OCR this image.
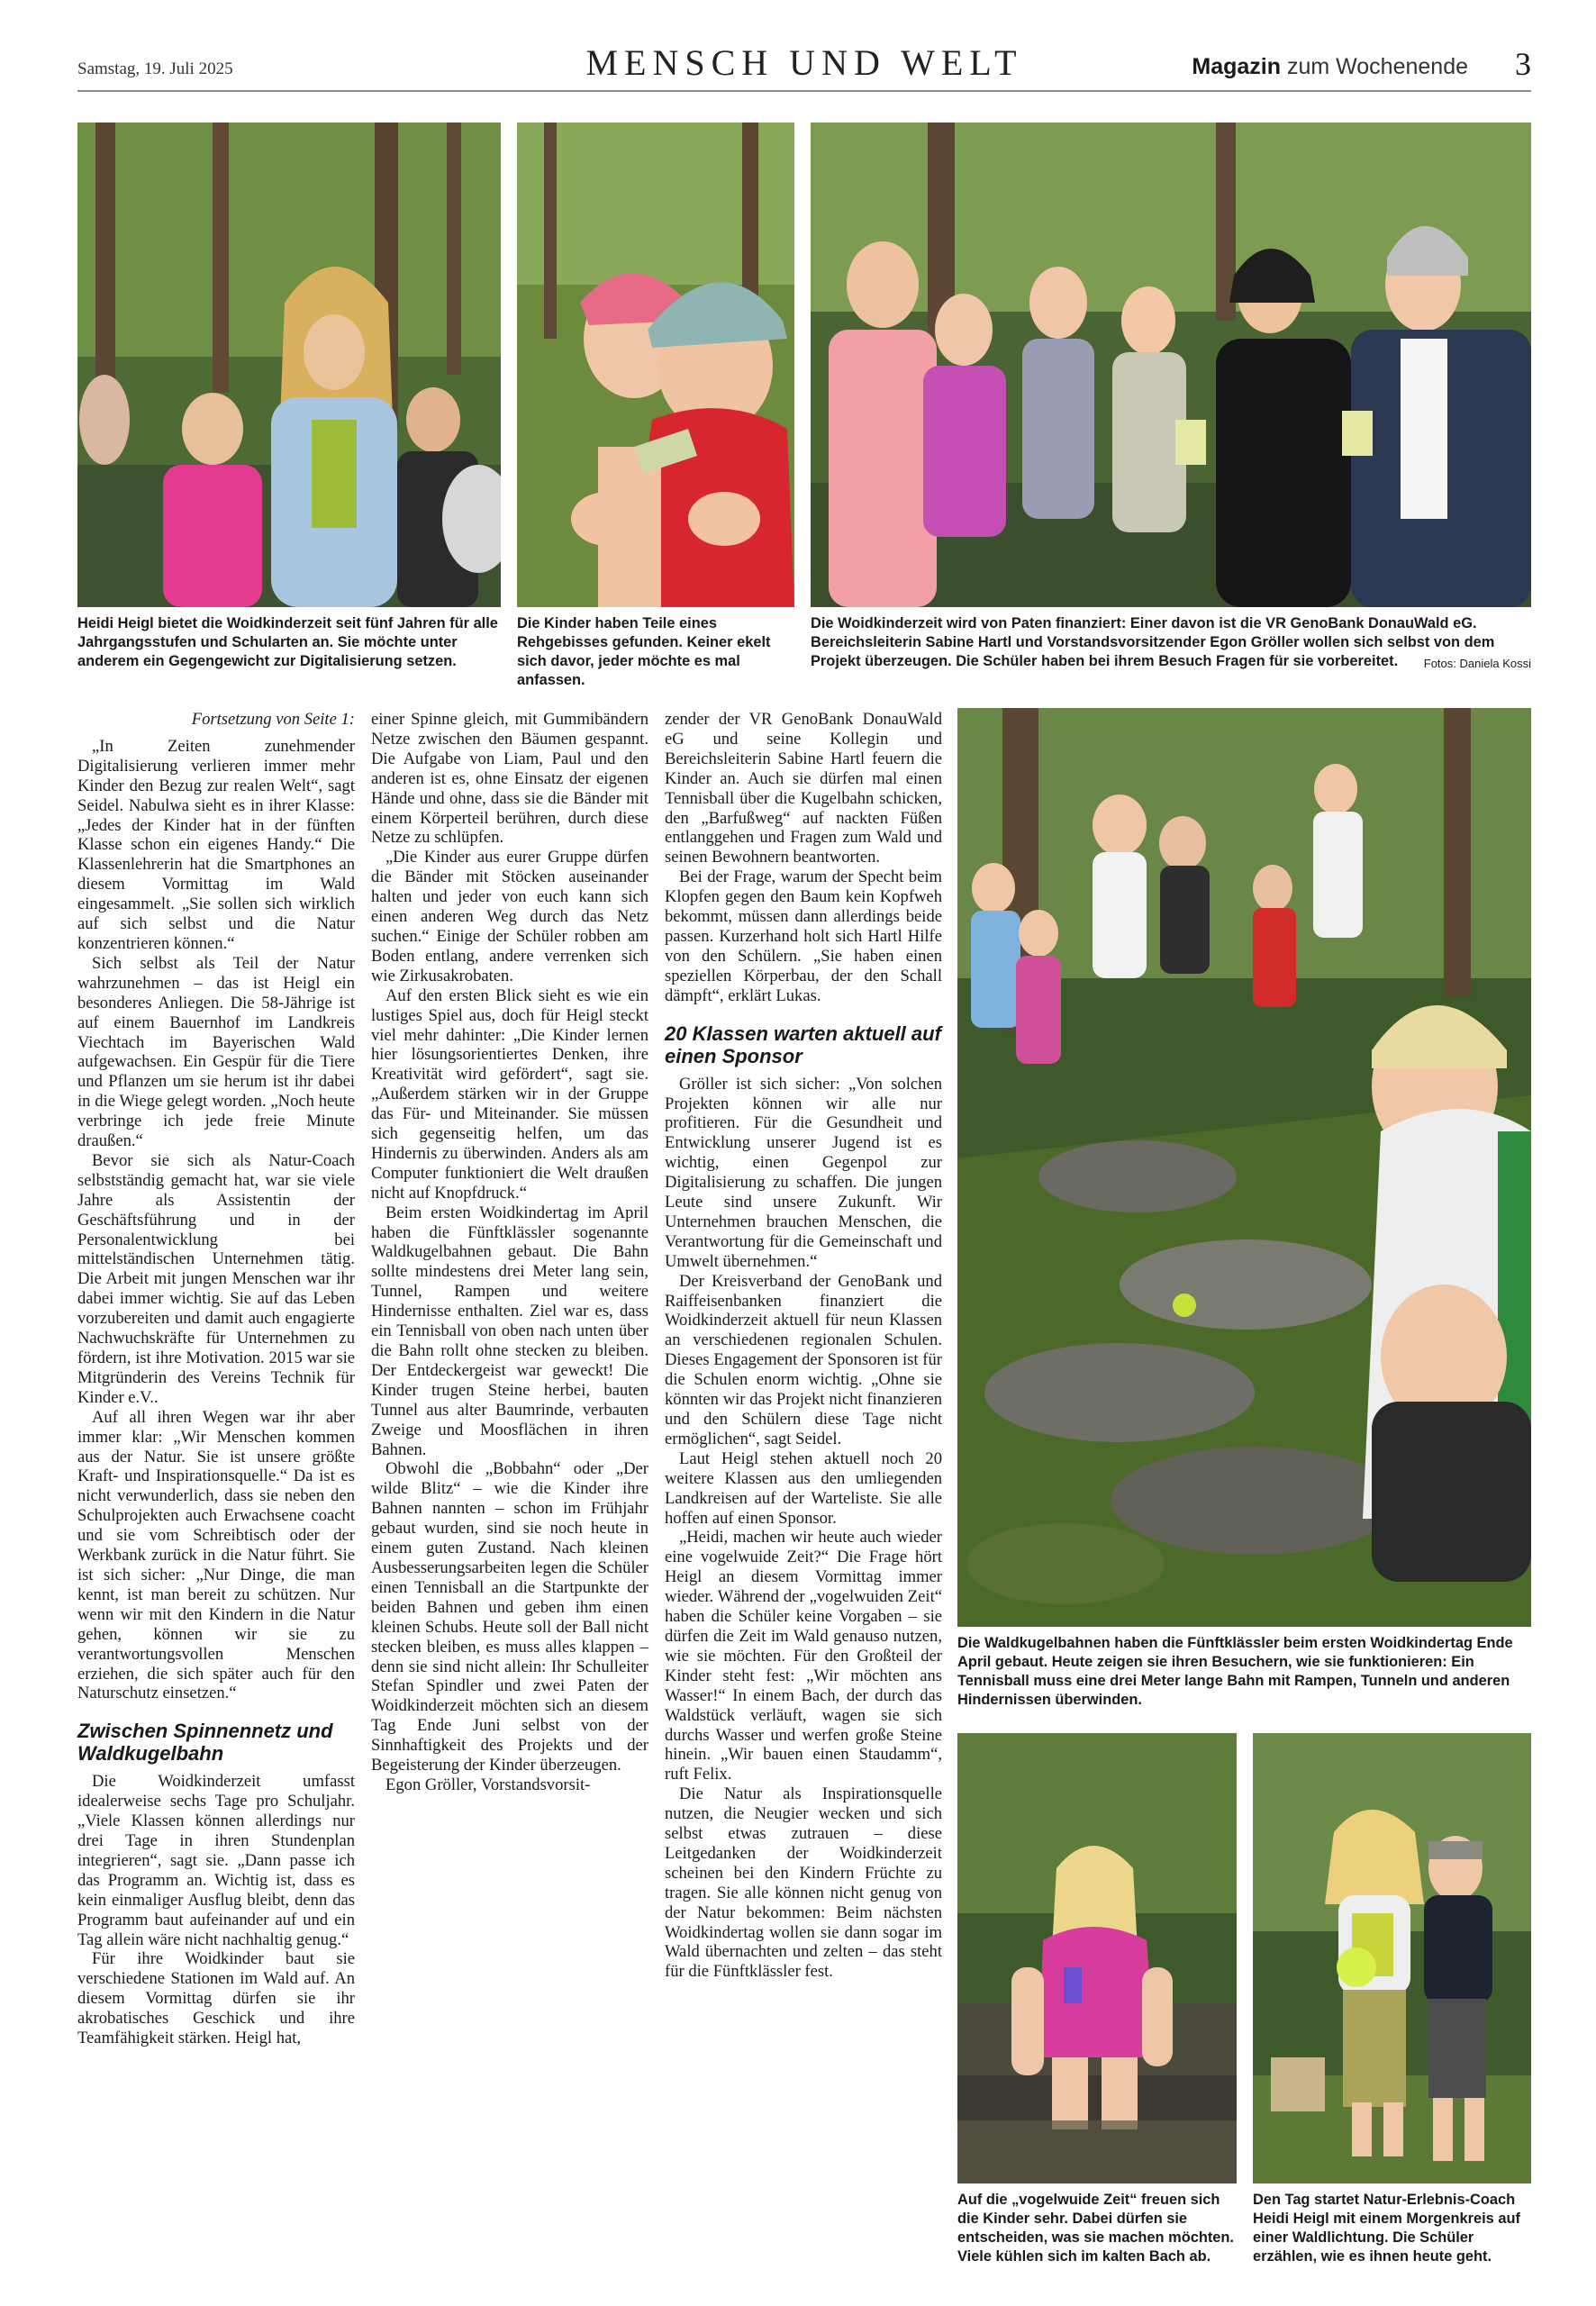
Samstag, 19. Juli 2025	MENSCH UND WELT	Magazin zum Wochenende 3
Heidi Heigl bietet die Woidkinderzeit seit fünf Jahren für alle Jahrgangsstufen und Schularten an. Sie möchte unter anderem ein Gegengewicht zur Digitalisierung setzen.
Die Kinder haben Teile eines Rehgebisses gefunden. Keiner ekelt sich davor, jeder möchte es mal anfassen.
Die Woidkinderzeit wird von Paten finanziert: Einer davon ist die VR GenoBank DonauWald eG. Bereichsleiterin Sabine Hartl und Vorstandsvorsitzender Egon Gröller wollen sich selbst von dem Projekt überzeugen. Die Schüler haben bei ihrem Besuch Fragen für sie vorbereitet. Fotos: Daniela Kossi
Die Waldkugelbahnen haben die Fünftklässler beim ersten Woidkindertag Ende April gebaut. Heute zeigen sie ihren Besuchern, wie sie funktionieren: Ein Tennisball muss eine drei Meter lange Bahn mit Rampen, Tunneln und anderen Hindernissen überwinden.
Auf die „vogelwuide Zeit“ freuen sich die Kinder sehr. Dabei dürfen sie entscheiden, was sie machen möchten. Viele kühlen sich im kalten Bach ab.
Den Tag startet Natur-Erlebnis-Coach Heidi Heigl mit einem Morgenkreis auf einer Waldlichtung. Die Schüler erzählen, wie es ihnen heute geht.

Fortsetzung von Seite 1:

„In Zeiten zunehmender Digitalisierung verlieren immer mehr Kinder den Bezug zur realen Welt“, sagt Seidel. Nabulwa sieht es in ihrer Klasse: „Jedes der Kinder hat in der fünften Klasse schon ein eigenes Handy.“ Die Klassenlehrerin hat die Smartphones an diesem Vormittag im Wald eingesammelt. „Sie sollen sich wirklich auf sich selbst und die Natur konzentrieren können.“

Sich selbst als Teil der Natur wahrzunehmen – das ist Heigl ein besonderes Anliegen. Die 58-Jährige ist auf einem Bauernhof im Landkreis Viechtach im Bayerischen Wald aufgewachsen. Ein Gespür für die Tiere und Pflanzen um sie herum ist ihr dabei in die Wiege gelegt worden. „Noch heute verbringe ich jede freie Minute draußen.“

Bevor sie sich als Natur-Coach selbstständig gemacht hat, war sie viele Jahre als Assistentin der Geschäftsführung und in der Personalentwicklung bei mittelständischen Unternehmen tätig. Die Arbeit mit jungen Menschen war ihr dabei immer wichtig. Sie auf das Leben vorzubereiten und damit auch engagierte Nachwuchskräfte für Unternehmen zu fördern, ist ihre Motivation. 2015 war sie Mitgründerin des Vereins Technik für Kinder e.V..

Auf all ihren Wegen war ihr aber immer klar: „Wir Menschen kommen aus der Natur. Sie ist unsere größte Kraft- und Inspirationsquelle.“ Da ist es nicht verwunderlich, dass sie neben den Schulprojekten auch Erwachsene coacht und sie vom Schreibtisch oder der Werkbank zurück in die Natur führt. Sie ist sich sicher: „Nur Dinge, die man kennt, ist man bereit zu schützen. Nur wenn wir mit den Kindern in die Natur gehen, können wir sie zu verantwortungsvollen Menschen erziehen, die sich später auch für den Naturschutz einsetzen.“

Zwischen Spinnennetz und Waldkugelbahn

Die Woidkinderzeit umfasst idealerweise sechs Tage pro Schuljahr. „Viele Klassen können allerdings nur drei Tage in ihren Stundenplan integrieren“, sagt sie. „Dann passe ich das Programm an. Wichtig ist, dass es kein einmaliger Ausflug bleibt, denn das Programm baut aufeinander auf und ein Tag allein wäre nicht nachhaltig genug.“

Für ihre Woidkinder baut sie verschiedene Stationen im Wald auf. An diesem Vormittag dürfen sie ihr akrobatisches Geschick und ihre Teamfähigkeit stärken. Heigl hat,

einer Spinne gleich, mit Gummibändern Netze zwischen den Bäumen gespannt. Die Aufgabe von Liam, Paul und den anderen ist es, ohne Einsatz der eigenen Hände und ohne, dass sie die Bänder mit einem Körperteil berühren, durch diese Netze zu schlüpfen.

„Die Kinder aus eurer Gruppe dürfen die Bänder mit Stöcken auseinander halten und jeder von euch kann sich einen anderen Weg durch das Netz suchen.“ Einige der Schüler robben am Boden entlang, andere verrenken sich wie Zirkusakrobaten.

Auf den ersten Blick sieht es wie ein lustiges Spiel aus, doch für Heigl steckt viel mehr dahinter: „Die Kinder lernen hier lösungsorientiertes Denken, ihre Kreativität wird gefördert“, sagt sie. „Außerdem stärken wir in der Gruppe das Für- und Miteinander. Sie müssen sich gegenseitig helfen, um das Hindernis zu überwinden. Anders als am Computer funktioniert die Welt draußen nicht auf Knopfdruck.“

Beim ersten Woidkindertag im April haben die Fünftklässler sogenannte Waldkugelbahnen gebaut. Die Bahn sollte mindestens drei Meter lang sein, Tunnel, Rampen und weitere Hindernisse enthalten. Ziel war es, dass ein Tennisball von oben nach unten über die Bahn rollt ohne stecken zu bleiben. Der Entdeckergeist war geweckt! Die Kinder trugen Steine herbei, bauten Tunnel aus alter Baumrinde, verbauten Zweige und Moosflächen in ihren Bahnen.

Obwohl die „Bobbahn“ oder „Der wilde Blitz“ – wie die Kinder ihre Bahnen nannten – schon im Frühjahr gebaut wurden, sind sie noch heute in einem guten Zustand. Nach kleinen Ausbesserungsarbeiten legen die Schüler einen Tennisball an die Startpunkte der beiden Bahnen und geben ihm einen kleinen Schubs. Heute soll der Ball nicht stecken bleiben, es muss alles klappen – denn sie sind nicht allein: Ihr Schulleiter Stefan Spindler und zwei Paten der Woidkinderzeit möchten sich an diesem Tag Ende Juni selbst von der Sinnhaftigkeit des Projekts und der Begeisterung der Kinder überzeugen.

Egon Gröller, Vorstandsvorsit-

zender der VR GenoBank DonauWald eG und seine Kollegin und Bereichsleiterin Sabine Hartl feuern die Kinder an. Auch sie dürfen mal einen Tennisball über die Kugelbahn schicken, den „Barfußweg“ auf nackten Füßen entlanggehen und Fragen zum Wald und seinen Bewohnern beantworten.

Bei der Frage, warum der Specht beim Klopfen gegen den Baum kein Kopfweh bekommt, müssen dann allerdings beide passen. Kurzerhand holt sich Hartl Hilfe von den Schülern. „Sie haben einen speziellen Körperbau, der den Schall dämpft“, erklärt Lukas.

20 Klassen warten aktuell auf einen Sponsor

Gröller ist sich sicher: „Von solchen Projekten können wir alle nur profitieren. Für die Gesundheit und Entwicklung unserer Jugend ist es wichtig, einen Gegenpol zur Digitalisierung zu schaffen. Die jungen Leute sind unsere Zukunft. Wir Unternehmen brauchen Menschen, die Verantwortung für die Gemeinschaft und Umwelt übernehmen.“

Der Kreisverband der GenoBank und Raiffeisenbanken finanziert die Woidkinderzeit aktuell für neun Klassen an verschiedenen regionalen Schulen. Dieses Engagement der Sponsoren ist für die Schulen enorm wichtig. „Ohne sie könnten wir das Projekt nicht finanzieren und den Schülern diese Tage nicht ermöglichen“, sagt Seidel.

Laut Heigl stehen aktuell noch 20 weitere Klassen aus den umliegenden Landkreisen auf der Warteliste. Sie alle hoffen auf einen Sponsor.

„Heidi, machen wir heute auch wieder eine vogelwuide Zeit?“ Die Frage hört Heigl an diesem Vormittag immer wieder. Während der „vogelwuiden Zeit“ haben die Schüler keine Vorgaben – sie dürfen die Zeit im Wald genauso nutzen, wie sie möchten. Für den Großteil der Kinder steht fest: „Wir möchten ans Wasser!“ In einem Bach, der durch das Waldstück verläuft, wagen sie sich durchs Wasser und werfen große Steine hinein. „Wir bauen einen Staudamm“, ruft Felix.

Die Natur als Inspirationsquelle nutzen, die Neugier wecken und sich selbst etwas zutrauen – diese Leitgedanken der Woidkinderzeit scheinen bei den Kindern Früchte zu tragen. Sie alle können nicht genug von der Natur bekommen: Beim nächsten Woidkindertag wollen sie dann sogar im Wald übernachten und zelten – das steht für die Fünftklässler fest.
